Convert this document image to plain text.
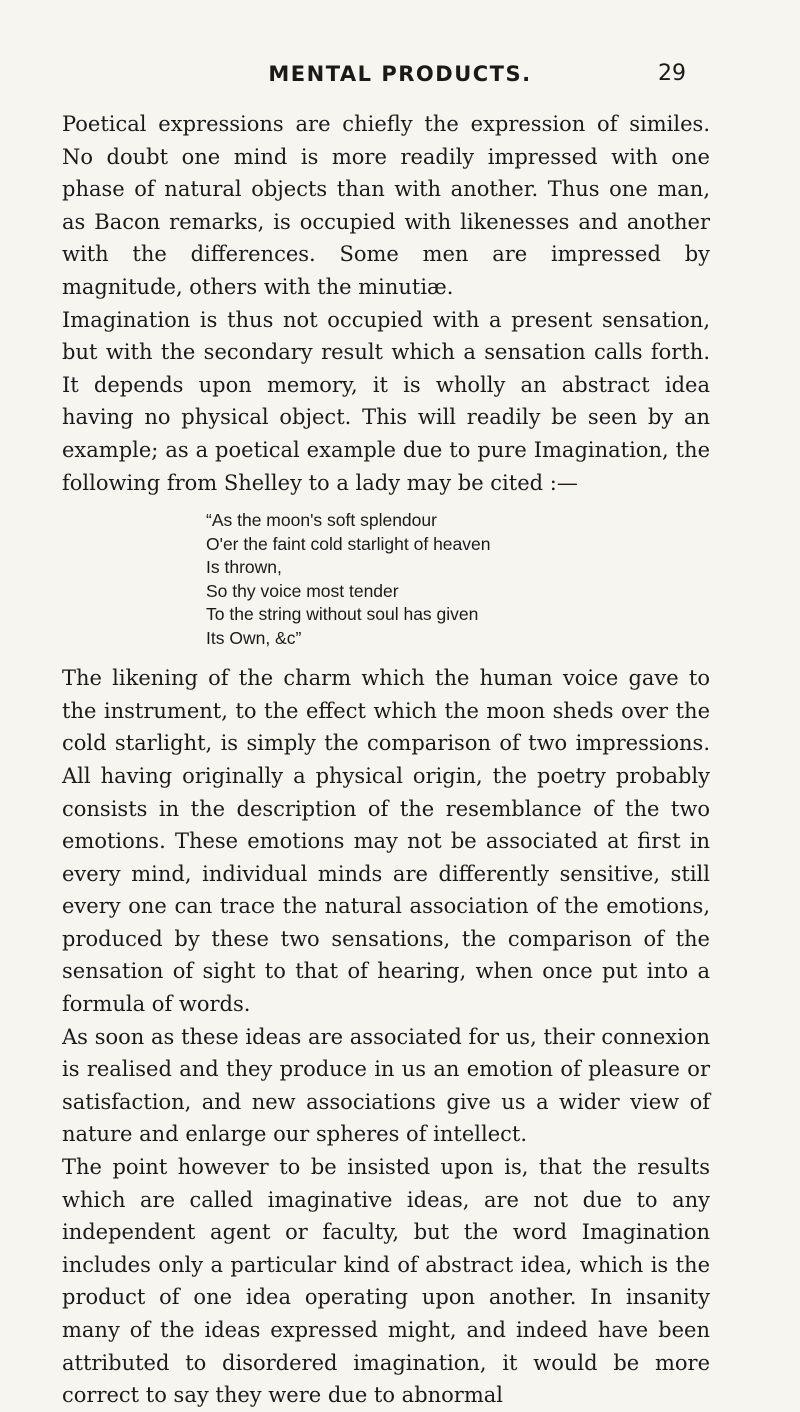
MENTAL PRODUCTS.	29

Poetical expressions are chiefly the expression of similes. No doubt one mind is more readily impressed with one phase of natural objects than with another. Thus one man, as Bacon remarks, is occupied with likenesses and another with the differences. Some men are impressed by magnitude, others with the minutiæ.

Imagination is thus not occupied with a present sensation, but with the secondary result which a sensation calls forth. It depends upon memory, it is wholly an abstract idea having no physical object. This will readily be seen by an example; as a poetical example due to pure Imagination, the following from Shelley to a lady may be cited :—

“As the moon's soft splendour
O'er the faint cold starlight of heaven
Is thrown,
So thy voice most tender
To the string without soul has given
Its Own, &c”

The likening of the charm which the human voice gave to the instrument, to the effect which the moon sheds over the cold starlight, is simply the comparison of two impressions. All having originally a physical origin, the poetry probably consists in the description of the resemblance of the two emotions. These emotions may not be associated at first in every mind, individual minds are differently sensitive, still every one can trace the natural association of the emotions, produced by these two sensations, the comparison of the sensation of sight to that of hearing, when once put into a formula of words.

As soon as these ideas are associated for us, their connexion is realised and they produce in us an emotion of pleasure or satisfaction, and new associations give us a wider view of nature and enlarge our spheres of intellect.

The point however to be insisted upon is, that the results which are called imaginative ideas, are not due to any independent agent or faculty, but the word Imagination includes only a particular kind of abstract idea, which is the product of one idea operating upon another. In insanity many of the ideas expressed might, and indeed have been attributed to disordered imagination, it would be more correct to say they were due to abnormal
